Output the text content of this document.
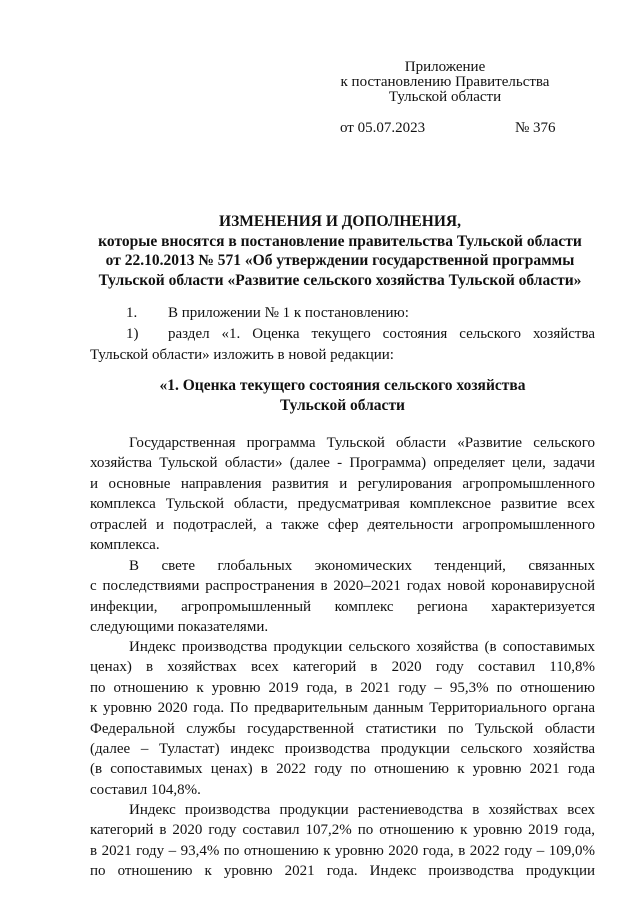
Приложение
к постановлению Правительства
Тульской области
от 05.07.2023	№ 376
ИЗМЕНЕНИЯ И ДОПОЛНЕНИЯ,
которые вносятся в постановление правительства Тульской области
от 22.10.2013 № 571 «Об утверждении государственной программы
Тульской области «Развитие сельского хозяйства Тульской области»
1. В приложении № 1 к постановлению:
1) раздел «1. Оценка текущего состояния сельского хозяйства

Тульской области» изложить в новой редакции:

«1. Оценка текущего состояния сельского хозяйства
Тульской области

Государственная программа Тульской области «Развитие сельского

хозяйства Тульской области» (далее - Программа) определяет цели, задачи

и основные направления развития и регулирования агропромышленного

комплекса Тульской области, предусматривая комплексное развитие всех

отраслей и подотраслей, а также сфер деятельности агропромышленного

комплекса.

В свете глобальных экономических тенденций, связанных

с последствиями распространения в 2020–2021 годах новой коронавирусной

инфекции, агропромышленный комплекс региона характеризуется

следующими показателями.

Индекс производства продукции сельского хозяйства (в сопоставимых

ценах) в хозяйствах всех категорий в 2020 году составил 110,8%

по отношению к уровню 2019 года, в 2021 году – 95,3% по отношению

к уровню 2020 года. По предварительным данным Территориального органа

Федеральной службы государственной статистики по Тульской области

(далее – Туластат) индекс производства продукции сельского хозяйства

(в сопоставимых ценах) в 2022 году по отношению к уровню 2021 года

составил 104,8%.

Индекс производства продукции растениеводства в хозяйствах всех

категорий в 2020 году составил 107,2% по отношению к уровню 2019 года,

в 2021 году – 93,4% по отношению к уровню 2020 года, в 2022 году – 109,0%

по отношению к уровню 2021 года. Индекс производства продукции
